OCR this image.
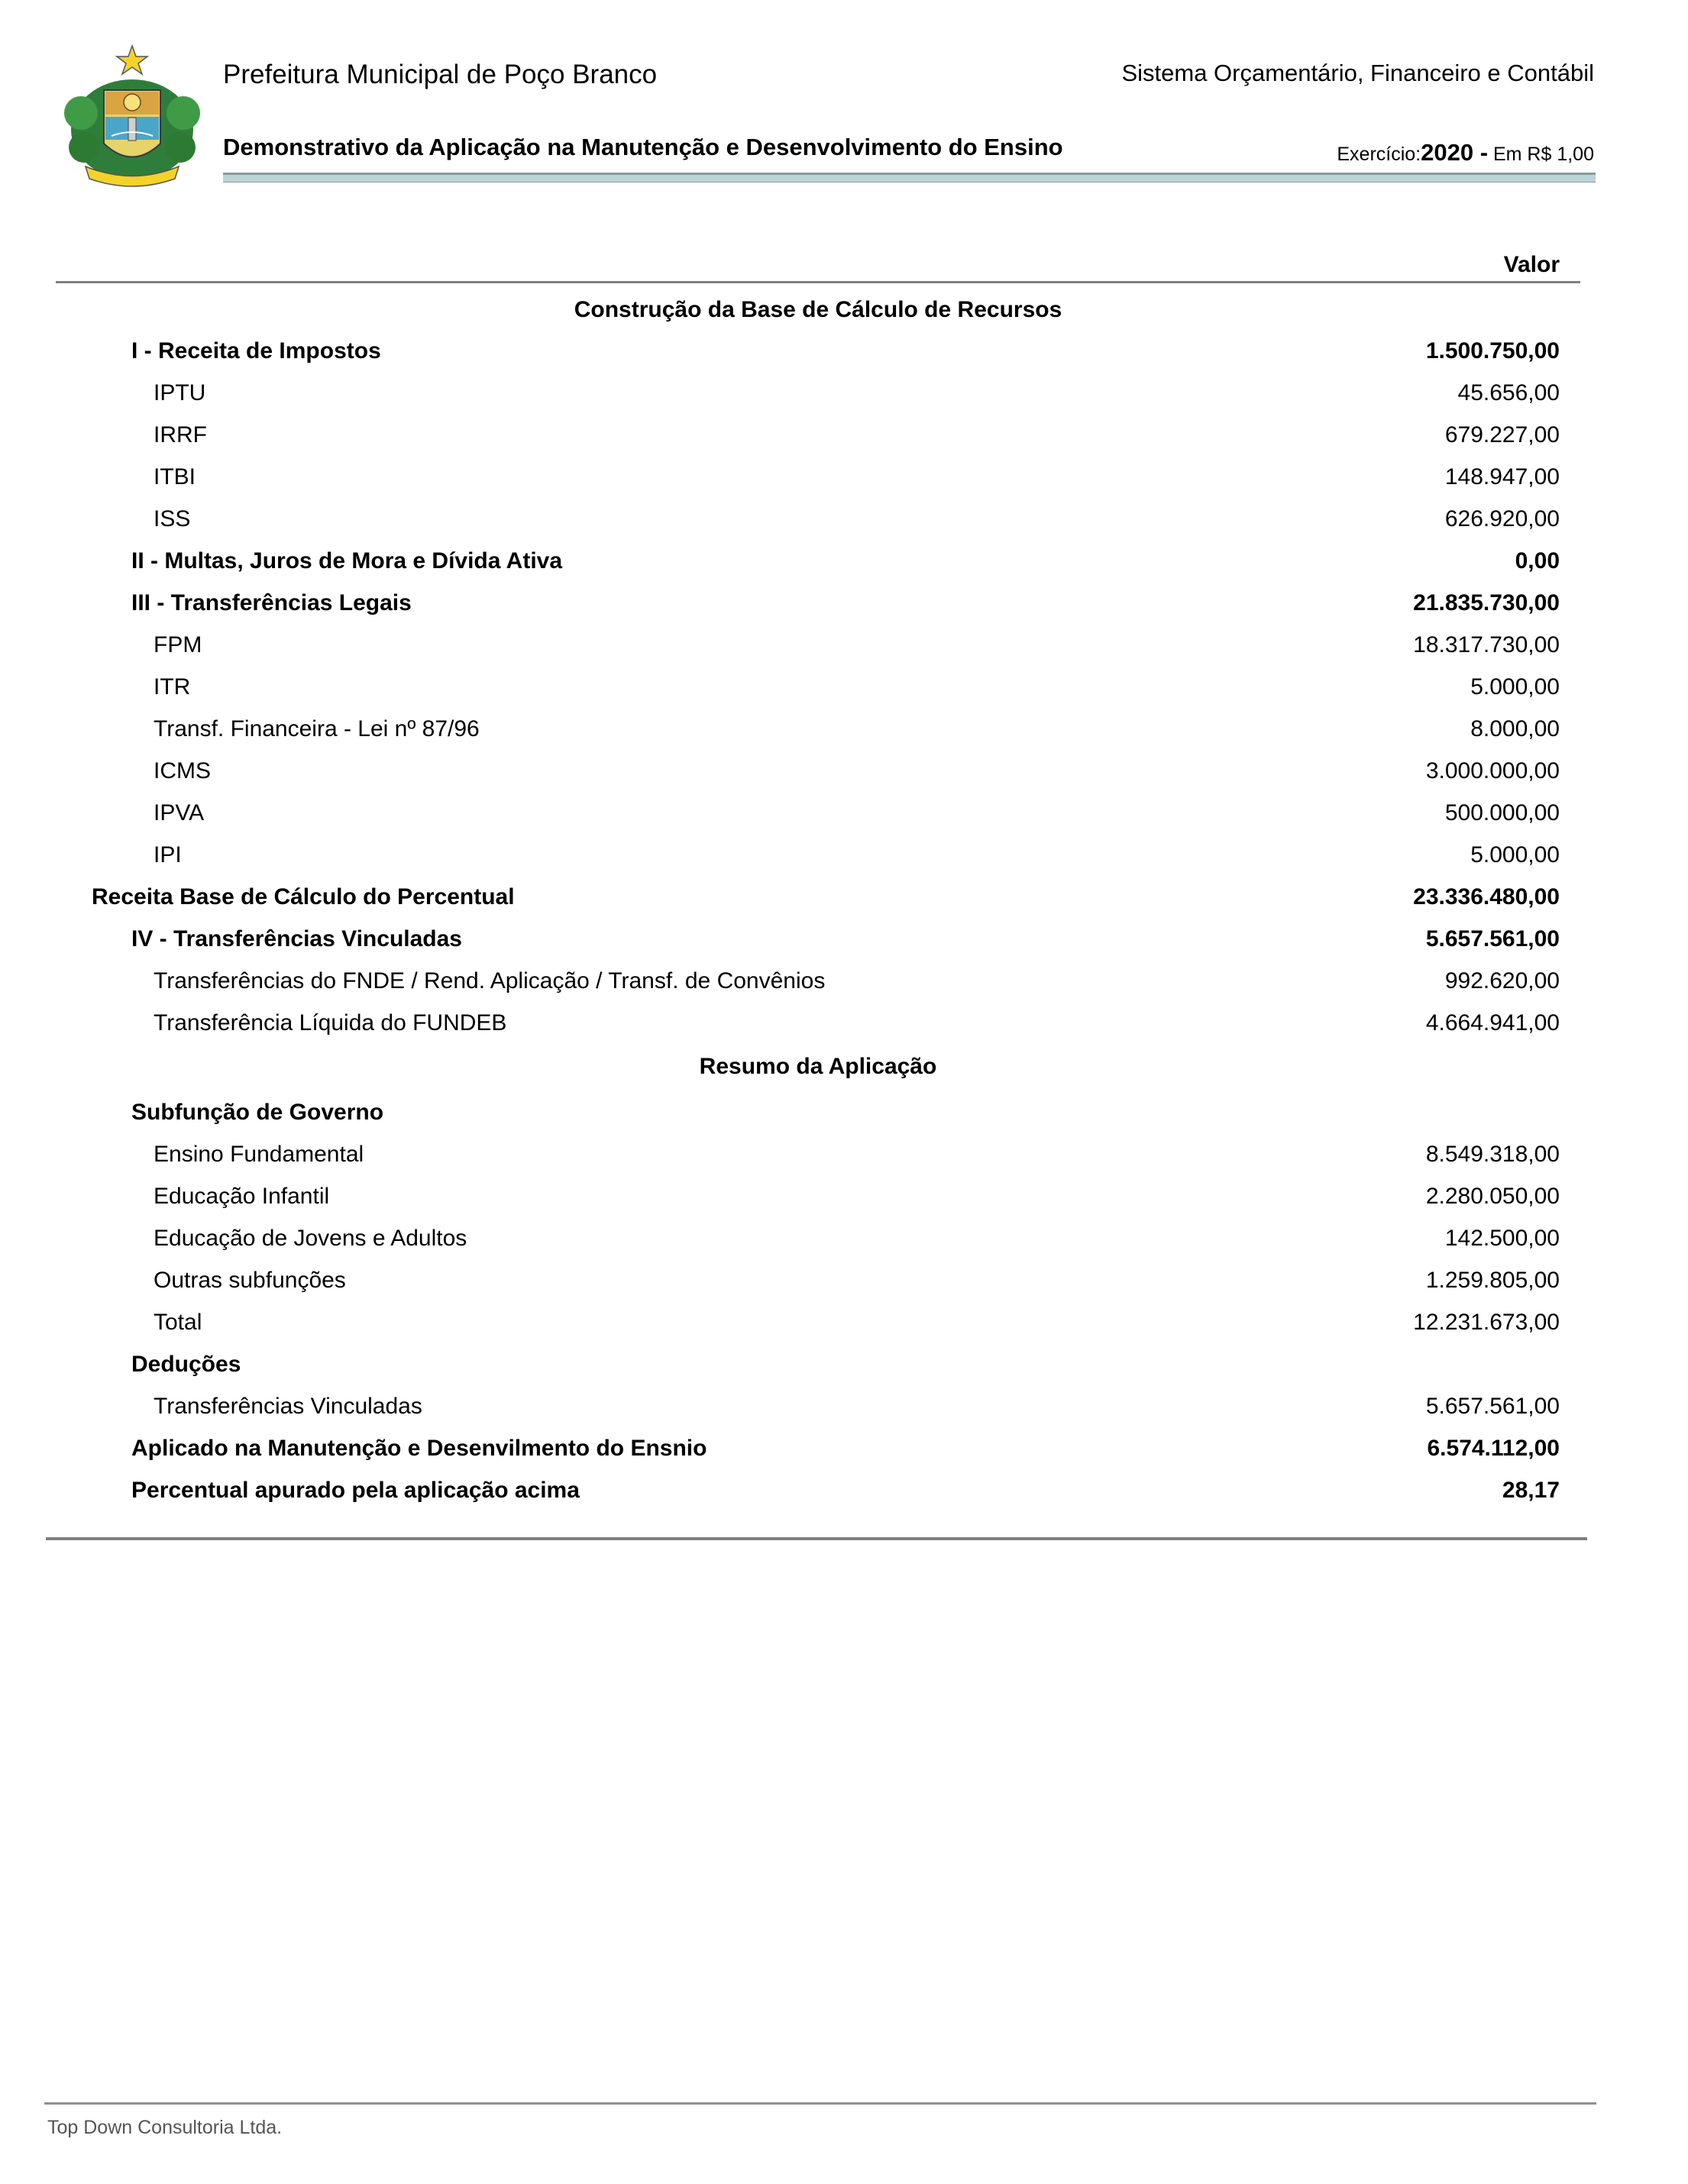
Prefeitura Municipal de Poço Branco	Sistema Orçamentário, Financeiro e Contábil
Demonstrativo da Aplicação na Manutenção e Desenvolvimento do Ensino	Exercício:2020 - Em R$ 1,00
Valor
Construção da Base de Cálculo de Recursos
I - Receita de Impostos	1.500.750,00
IPTU	45.656,00
IRRF	679.227,00
ITBI	148.947,00
ISS	626.920,00
II - Multas, Juros de Mora e Dívida Ativa	0,00
III - Transferências Legais	21.835.730,00
FPM	18.317.730,00
ITR	5.000,00
Transf. Financeira - Lei nº 87/96	8.000,00
ICMS	3.000.000,00
IPVA	500.000,00
IPI	5.000,00
Receita Base de Cálculo do Percentual	23.336.480,00
IV - Transferências Vinculadas	5.657.561,00
Transferências do FNDE / Rend. Aplicação / Transf. de Convênios	992.620,00
Transferência Líquida do FUNDEB	4.664.941,00
Resumo da Aplicação
Subfunção de Governo
Ensino Fundamental	8.549.318,00
Educação Infantil	2.280.050,00
Educação de Jovens e Adultos	142.500,00
Outras subfunções	1.259.805,00
Total	12.231.673,00
Deduções
Transferências Vinculadas	5.657.561,00
Aplicado na Manutenção e Desenvilmento do Ensnio	6.574.112,00
Percentual apurado pela aplicação acima	28,17
Top Down Consultoria Ltda.
